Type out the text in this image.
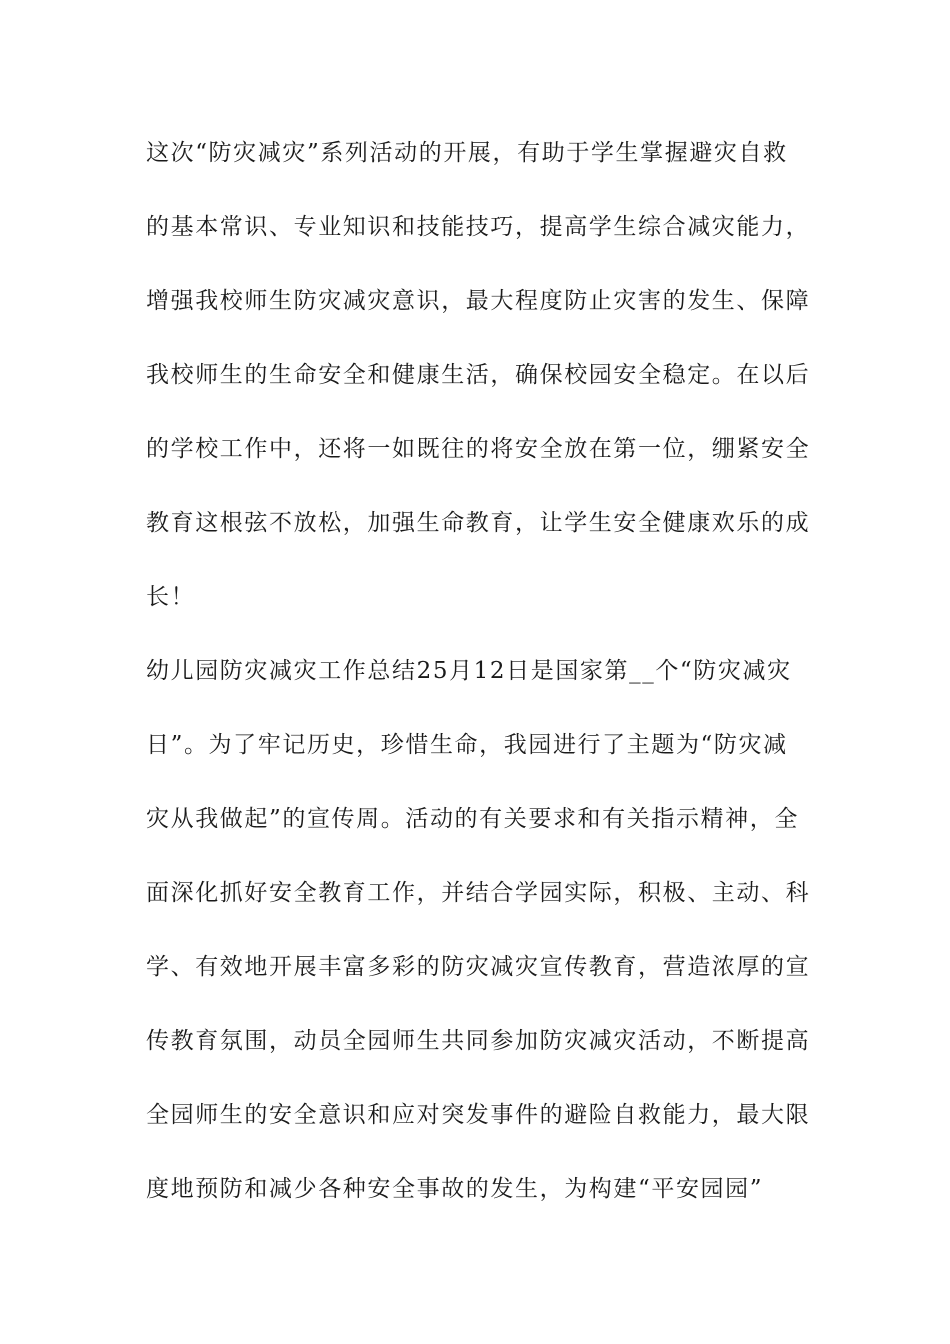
这次“防灾减灾”系列活动的开展，有助于学生掌握避灾自救
的基本常识、专业知识和技能技巧，提高学生综合减灾能力，
增强我校师生防灾减灾意识，最大程度防止灾害的发生、保障
我校师生的生命安全和健康生活，确保校园安全稳定。在以后
的学校工作中，还将一如既往的将安全放在第一位，绷紧安全
教育这根弦不放松，加强生命教育，让学生安全健康欢乐的成
长！
幼儿园防灾减灾工作总结25月12日是国家第__个“防灾减灾
日”。为了牢记历史，珍惜生命，我园进行了主题为“防灾减
灾从我做起”的宣传周。活动的有关要求和有关指示精神，全
面深化抓好安全教育工作，并结合学园实际，积极、主动、科
学、有效地开展丰富多彩的防灾减灾宣传教育，营造浓厚的宣
传教育氛围，动员全园师生共同参加防灾减灾活动，不断提高
全园师生的安全意识和应对突发事件的避险自救能力，最大限
度地预防和减少各种安全事故的发生，为构建“平安园园”
